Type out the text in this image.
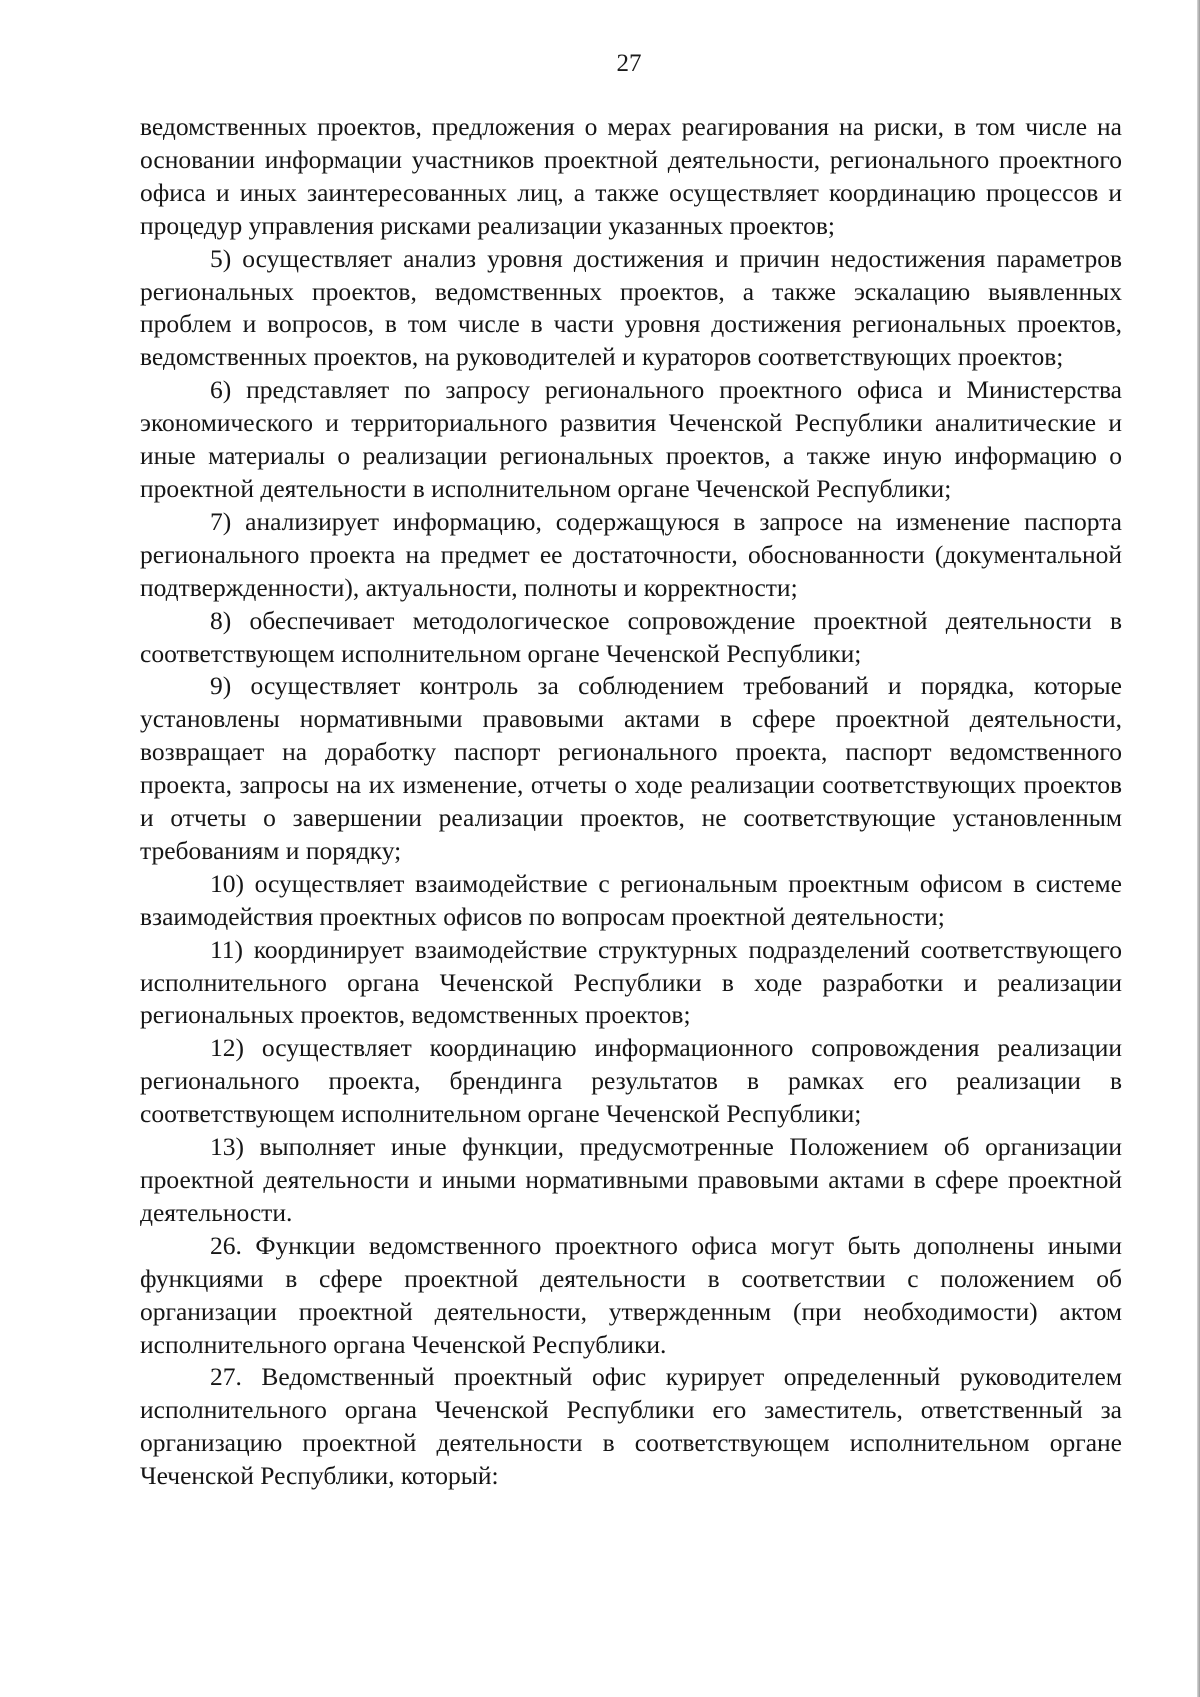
27

ведомственных проектов, предложения о мерах реагирования на риски, в том числе на основании информации участников проектной деятельности, регионального проектного офиса и иных заинтересованных лиц, а также осуществляет координацию процессов и процедур управления рисками реализации указанных проектов;

5) осуществляет анализ уровня достижения и причин недостижения параметров региональных проектов, ведомственных проектов, а также эскалацию выявленных проблем и вопросов, в том числе в части уровня достижения региональных проектов, ведомственных проектов, на руководителей и кураторов соответствующих проектов;

6) представляет по запросу регионального проектного офиса и Министерства экономического и территориального развития Чеченской Республики аналитические и иные материалы о реализации региональных проектов, а также иную информацию о проектной деятельности в исполнительном органе Чеченской Республики;

7) анализирует информацию, содержащуюся в запросе на изменение паспорта регионального проекта на предмет ее достаточности, обоснованности (документальной подтвержденности), актуальности, полноты и корректности;

8) обеспечивает методологическое сопровождение проектной деятельности в соответствующем исполнительном органе Чеченской Республики;

9) осуществляет контроль за соблюдением требований и порядка, которые установлены нормативными правовыми актами в сфере проектной деятельности, возвращает на доработку паспорт регионального проекта, паспорт ведомственного проекта, запросы на их изменение, отчеты о ходе реализации соответствующих проектов и отчеты о завершении реализации проектов, не соответствующие установленным требованиям и порядку;

10) осуществляет взаимодействие с региональным проектным офисом в системе взаимодействия проектных офисов по вопросам проектной деятельности;

11) координирует взаимодействие структурных подразделений соответствующего исполнительного органа Чеченской Республики в ходе разработки и реализации региональных проектов, ведомственных проектов;

12) осуществляет координацию информационного сопровождения реализации регионального проекта, брендинга результатов в рамках его реализации в соответствующем исполнительном органе Чеченской Республики;

13) выполняет иные функции, предусмотренные Положением об организации проектной деятельности и иными нормативными правовыми актами в сфере проектной деятельности.

26. Функции ведомственного проектного офиса могут быть дополнены иными функциями в сфере проектной деятельности в соответствии с положением об организации проектной деятельности, утвержденным (при необходимости) актом исполнительного органа Чеченской Республики.

27. Ведомственный проектный офис курирует определенный руководителем исполнительного органа Чеченской Республики его заместитель, ответственный за организацию проектной деятельности в соответствующем исполнительном органе Чеченской Республики, который:
